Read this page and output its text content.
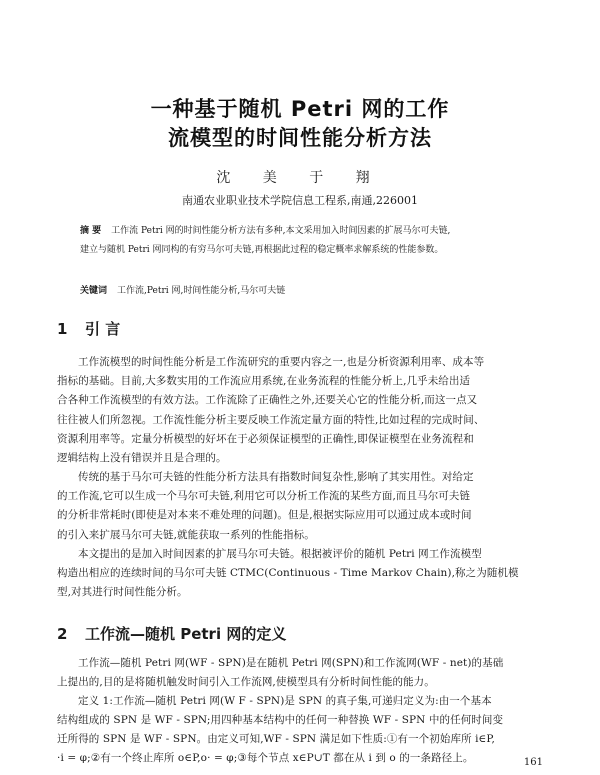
一种基于随机 Petri 网的工作
流模型的时间性能分析方法
沈 美 于 翔
南通农业职业技术学院信息工程系,南通,226001
摘 要 工作流 Petri 网的时间性能分析方法有多种,本文采用加入时间因素的扩展马尔可夫链,
建立与随机 Petri 网同构的有穷马尔可夫链,再根据此过程的稳定概率求解系统的性能参数。
关键词 工作流,Petri 网,时间性能分析,马尔可夫链
1 引 言
工作流模型的时间性能分析是工作流研究的重要内容之一,也是分析资源利用率、成本等
指标的基础。目前,大多数实用的工作流应用系统,在业务流程的性能分析上,几乎未给出适
合各种工作流模型的有效方法。工作流除了正确性之外,还要关心它的性能分析,而这一点又
往往被人们所忽视。工作流性能分析主要反映工作流定量方面的特性,比如过程的完成时间、
资源利用率等。定量分析模型的好坏在于必须保证模型的正确性,即保证模型在业务流程和
逻辑结构上没有错误并且是合理的。
传统的基于马尔可夫链的性能分析方法具有指数时间复杂性,影响了其实用性。对给定
的工作流,它可以生成一个马尔可夫链,利用它可以分析工作流的某些方面,而且马尔可夫链
的分析非常耗时(即使是对本来不难处理的问题)。但是,根据实际应用可以通过成本或时间
的引入来扩展马尔可夫链,就能获取一系列的性能指标。
本文提出的是加入时间因素的扩展马尔可夫链。根据被评价的随机 Petri 网工作流模型
构造出相应的连续时间的马尔可夫链 CTMC(Continuous - Time Markov Chain),称之为随机模
型,对其进行时间性能分析。
2 工作流—随机 Petri 网的定义
工作流—随机 Petri 网(WF - SPN)是在随机 Petri 网(SPN)和工作流网(WF - net)的基础
上提出的,目的是将随机触发时间引入工作流网,使模型具有分析时间性能的能力。
定义 1:工作流—随机 Petri 网(W F - SPN)是 SPN 的真子集,可递归定义为:由一个基本
结构组成的 SPN 是 WF - SPN;用四种基本结构中的任何一种替换 WF - SPN 中的任何时间变
迁所得的 SPN 是 WF - SPN。由定义可知,WF - SPN 满足如下性质:①有一个初始库所 i∈P,
·i = φ;②有一个终止库所 o∈P,o· = φ;③每个节点 x∈P∪T 都在从 i 到 o 的一条路径上。	161
